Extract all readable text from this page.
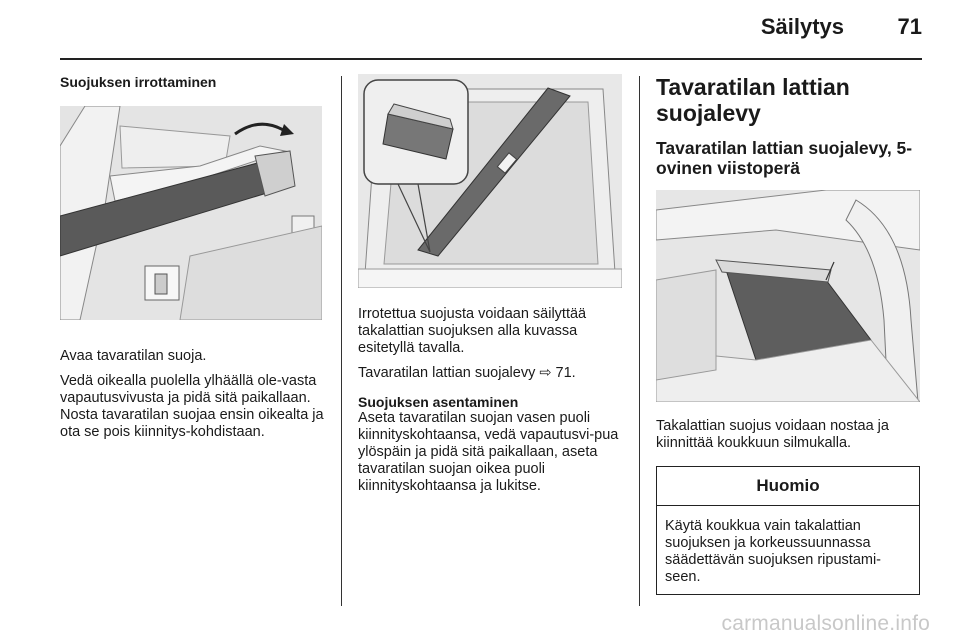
Säilytys 71
Suojuksen irrottaminen

Avaa tavaratilan suoja.

Vedä oikealla puolella ylhäällä ole-vasta vapautusvivusta ja pidä sitä paikallaan. Nosta tavaratilan suojaa ensin oikealta ja ota se pois kiinnitys-kohdistaan.

Irrotettua suojusta voidaan säilyttää takalattian suojuksen alla kuvassa esitetyllä tavalla.

Tavaratilan lattian suojalevy ⇨ 71.

Suojuksen asentaminen

Aseta tavaratilan suojan vasen puoli kiinnityskohtaansa, vedä vapautusvi-pua ylöspäin ja pidä sitä paikallaan, aseta tavaratilan suojan oikea puoli kiinnityskohtaansa ja lukitse.

Tavaratilan lattian suojalevy
Tavaratilan lattian suojalevy, 5-ovinen viistoperä

Takalattian suojus voidaan nostaa ja kiinnittää koukkuun silmukalla.

Huomio

Käytä koukkua vain takalattian suojuksen ja korkeussuunnassa säädettävän suojuksen ripustami-seen.

carmanualsonline.info
